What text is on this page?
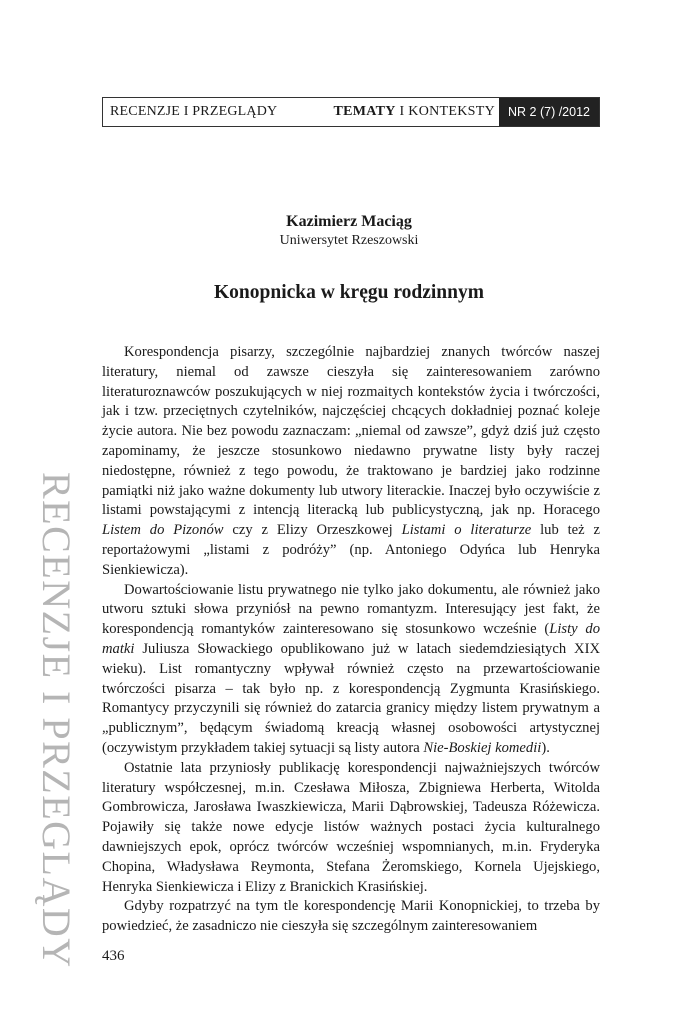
RECENZJE I PRZEGLĄDY	TEMATY I KONTEKSTY	NR 2 (7) /2012
RECENZJE I PRZEGLĄDY
Kazimierz Maciąg
Uniwersytet Rzeszowski
Konopnicka w kręgu rodzinnym

Korespondencja pisarzy, szczególnie najbardziej znanych twórców naszej literatury, niemal od zawsze cieszyła się zainteresowaniem zarówno literaturoznawców poszukujących w niej rozmaitych kontekstów życia i twórczości, jak i tzw. przeciętnych czytelników, najczęściej chcących dokładniej poznać koleje życie autora. Nie bez powodu zaznaczam: „niemal od zawsze”, gdyż dziś już często zapominamy, że jeszcze stosunkowo niedawno prywatne listy były raczej niedostępne, również z tego powodu, że traktowano je bardziej jako rodzinne pamiątki niż jako ważne dokumenty lub utwory literackie. Inaczej było oczywiście z listami powstającymi z intencją literacką lub publicystyczną, jak np. Horacego Listem do Pizonów czy z Elizy Orzeszkowej Listami o literaturze lub też z reportażowymi „listami z podróży” (np. Antoniego Odyńca lub Henryka Sienkiewicza).

Dowartościowanie listu prywatnego nie tylko jako dokumentu, ale również jako utworu sztuki słowa przyniósł na pewno romantyzm. Interesujący jest fakt, że korespondencją romantyków zainteresowano się stosunkowo wcześnie (Listy do matki Juliusza Słowackiego opublikowano już w latach siedemdziesiątych XIX wieku). List romantyczny wpływał również często na przewartościowanie twórczości pisarza – tak było np. z korespondencją Zygmunta Krasińskiego. Romantycy przyczynili się również do zatarcia granicy między listem prywatnym a „publicznym”, będącym świadomą kreacją własnej osobowości artystycznej (oczywistym przykładem takiej sytuacji są listy autora Nie-Boskiej komedii).

Ostatnie lata przyniosły publikację korespondencji najważniejszych twórców literatury współczesnej, m.in. Czesława Miłosza, Zbigniewa Herberta, Witolda Gombrowicza, Jarosława Iwaszkiewicza, Marii Dąbrowskiej, Tadeusza Różewicza. Pojawiły się także nowe edycje listów ważnych postaci życia kulturalnego dawniejszych epok, oprócz twórców wcześniej wspomnianych, m.in. Fryderyka Chopina, Władysława Reymonta, Stefana Żeromskiego, Kornela Ujejskiego, Henryka Sienkiewicza i Elizy z Branickich Krasińskiej.

Gdyby rozpatrzyć na tym tle korespondencję Marii Konopnickiej, to trzeba by powiedzieć, że zasadniczo nie cieszyła się szczególnym zainteresowaniem

436
